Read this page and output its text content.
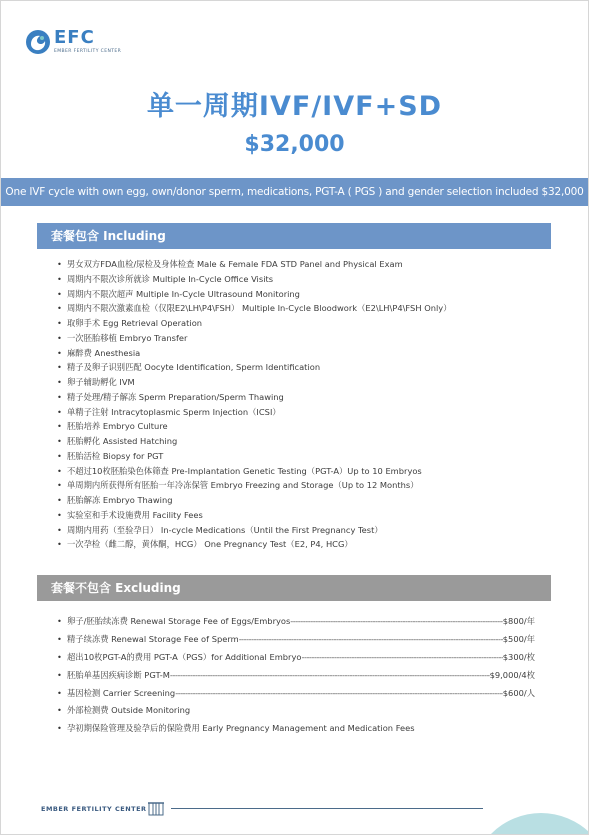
EFC
EMBER FERTILITY CENTER
单一周期IVF/IVF+SD
$32,000
One IVF cycle with own egg, own/donor sperm, medications, PGT-A ( PGS ) and gender selection included $32,000
套餐包含 Including
• 男女双方FDA血检/尿检及身体检查 Male & Female FDA STD Panel and Physical Exam
• 周期内不限次诊所就诊 Multiple In-Cycle Office Visits
• 周期内不限次超声 Multiple In-Cycle Ultrasound Monitoring
• 周期内不限次激素血检（仅限E2\LH\P4\FSH） Multiple In-Cycle Bloodwork（E2\LH\P4\FSH Only）
• 取卵手术 Egg Retrieval Operation
• 一次胚胎移植 Embryo Transfer
• 麻醉费 Anesthesia
• 精子及卵子识别匹配 Oocyte Identification, Sperm Identification
• 卵子辅助孵化 IVM
• 精子处理/精子解冻 Sperm Preparation/Sperm Thawing
• 单精子注射 Intracytoplasmic Sperm Injection（ICSI）
• 胚胎培养 Embryo Culture
• 胚胎孵化 Assisted Hatching
• 胚胎活检 Biopsy for PGT
• 不超过10枚胚胎染色体筛查 Pre-Implantation Genetic Testing（PGT-A）Up to 10 Embryos
• 单周期内所获得所有胚胎一年冷冻保管 Embryo Freezing and Storage（Up to 12 Months）
• 胚胎解冻 Embryo Thawing
• 实验室和手术设施费用 Facility Fees
• 周期内用药（至验孕日） In-cycle Medications（Until the First Pregnancy Test）
• 一次孕检（雌二醇，黄体酮，HCG） One Pregnancy Test（E2, P4, HCG）
套餐不包含 Excluding
• 卵子/胚胎续冻费 Renewal Storage Fee of Eggs/Embryos -----	$800/年
• 精子续冻费 Renewal Storage Fee of Sperm -----	$500/年
• 超出10枚PGT-A的费用 PGT-A（PGS）for Additional Embryo -----	$300/枚
• 胚胎单基因疾病诊断 PGT-M -----	$9,000/4枚
• 基因检测 Carrier Screening -----	$600/人
• 外部检测费 Outside Monitoring
• 孕初期保险管理及验孕后的保险费用 Early Pregnancy Management and Medication Fees
EMBER FERTILITY CENTER
